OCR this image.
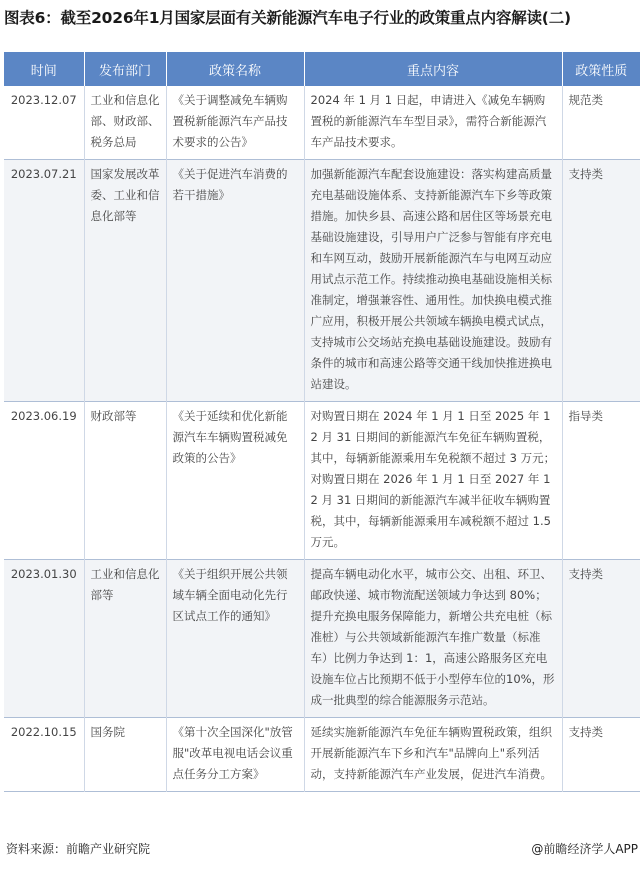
图表6：截至2026年1月国家层面有关新能源汽车电子行业的政策重点内容解读(二)
时间	发布部门	政策名称	重点内容	政策性质
2023.12.07	工业和信息化部、财政部、税务总局	《关于调整减免车辆购置税新能源汽车产品技术要求的公告》	2024 年 1 月 1 日起，申请进入《减免车辆购置税的新能源汽车车型目录》，需符合新能源汽车产品技术要求。	规范类
2023.07.21	国家发展改革委、工业和信息化部等	《关于促进汽车消费的若干措施》	加强新能源汽车配套设施建设：落实构建高质量充电基础设施体系、支持新能源汽车下乡等政策措施。加快乡县、高速公路和居住区等场景充电基础设施建设，引导用户广泛参与智能有序充电和车网互动，鼓励开展新能源汽车与电网互动应用试点示范工作。持续推动换电基础设施相关标准制定，增强兼容性、通用性。加快换电模式推广应用，积极开展公共领域车辆换电模式试点，支持城市公交场站充换电基础设施建设。鼓励有条件的城市和高速公路等交通干线加快推进换电站建设。	支持类
2023.06.19	财政部等	《关于延续和优化新能源汽车车辆购置税减免政策的公告》	对购置日期在 2024 年 1 月 1 日至 2025 年 12 月 31 日期间的新能源汽车免征车辆购置税，其中，每辆新能源乘用车免税额不超过 3 万元；对购置日期在 2026 年 1 月 1 日至 2027 年 12 月 31 日期间的新能源汽车减半征收车辆购置税，其中，每辆新能源乘用车减税额不超过 1.5 万元。	指导类
2023.01.30	工业和信息化部等	《关于组织开展公共领域车辆全面电动化先行区试点工作的通知》	提高车辆电动化水平，城市公交、出租、环卫、邮政快递、城市物流配送领域力争达到 80%；提升充换电服务保障能力，新增公共充电桩（标准桩）与公共领域新能源汽车推广数量（标准车）比例力争达到 1：1，高速公路服务区充电设施车位占比预期不低于小型停车位的10%，形成一批典型的综合能源服务示范站。	支持类
2022.10.15	国务院	《第十次全国深化"放管服"改革电视电话会议重点任务分工方案》	延续实施新能源汽车免征车辆购置税政策，组织开展新能源汽车下乡和汽车"品牌向上"系列活动，支持新能源汽车产业发展，促进汽车消费。	支持类
资料来源：前瞻产业研究院	@前瞻经济学人APP
